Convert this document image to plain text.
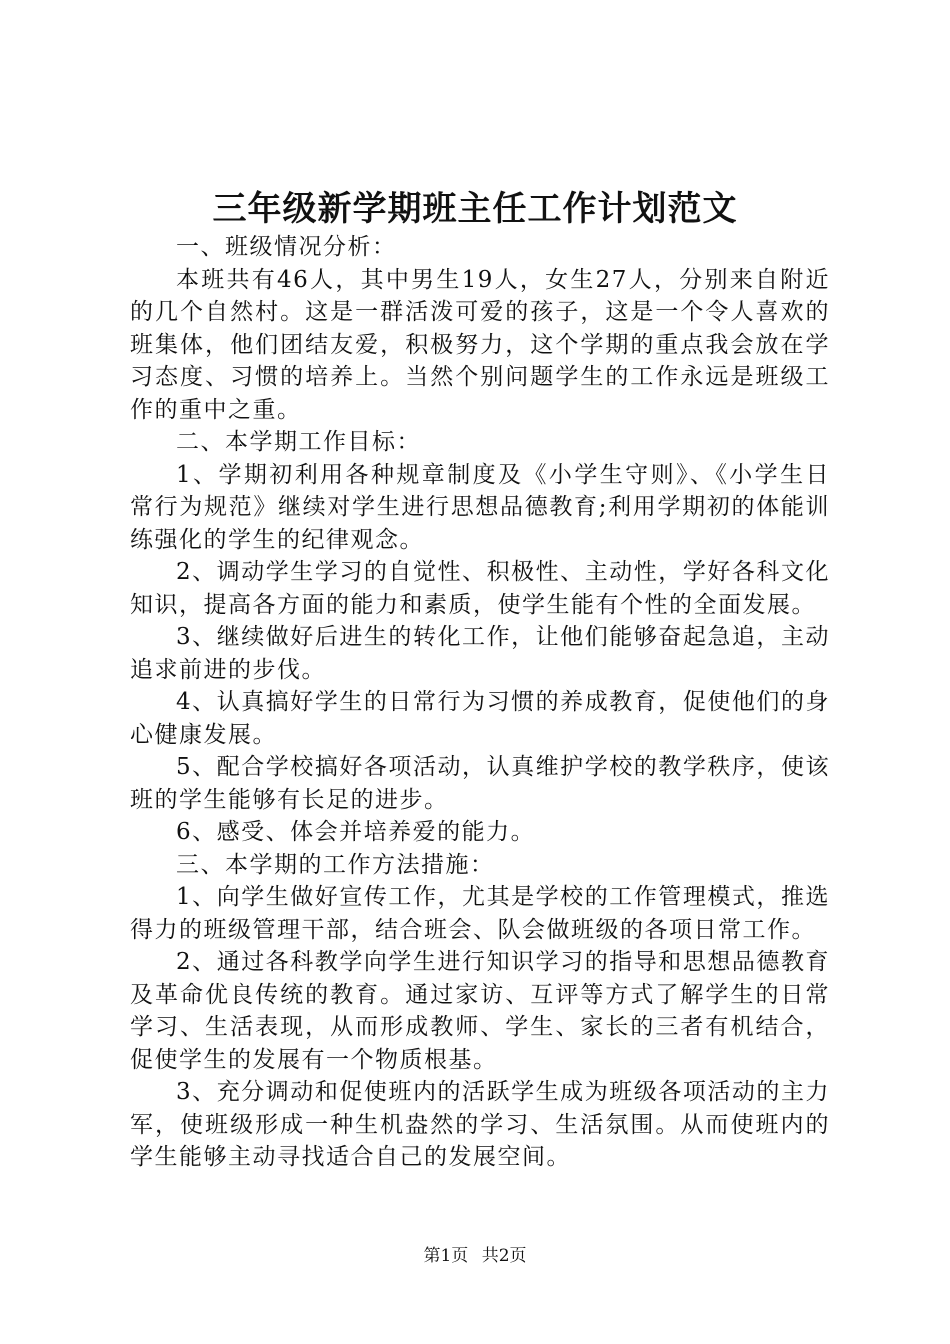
三年级新学期班主任工作计划范文

一、班级情况分析：

本班共有46人，其中男生19人，女生27人，分别来自附近的几个自然村。这是一群活泼可爱的孩子，这是一个令人喜欢的班集体，他们团结友爱，积极努力，这个学期的重点我会放在学习态度、习惯的培养上。当然个别问题学生的工作永远是班级工作的重中之重。

二、本学期工作目标：

1、学期初利用各种规章制度及《小学生守则》、《小学生日常行为规范》继续对学生进行思想品德教育;利用学期初的体能训练强化的学生的纪律观念。

2、调动学生学习的自觉性、积极性、主动性，学好各科文化知识，提高各方面的能力和素质，使学生能有个性的全面发展。

3、继续做好后进生的转化工作，让他们能够奋起急追，主动追求前进的步伐。

4、认真搞好学生的日常行为习惯的养成教育，促使他们的身心健康发展。

5、配合学校搞好各项活动，认真维护学校的教学秩序，使该班的学生能够有长足的进步。

6、感受、体会并培养爱的能力。

三、本学期的工作方法措施：

1、向学生做好宣传工作，尤其是学校的工作管理模式，推选得力的班级管理干部，结合班会、队会做班级的各项日常工作。

2、通过各科教学向学生进行知识学习的指导和思想品德教育及革命优良传统的教育。通过家访、互评等方式了解学生的日常学习、生活表现，从而形成教师、学生、家长的三者有机结合，促使学生的发展有一个物质根基。

3、充分调动和促使班内的活跃学生成为班级各项活动的主力军，使班级形成一种生机盎然的学习、生活氛围。从而使班内的学生能够主动寻找适合自己的发展空间。

第1页 共2页
